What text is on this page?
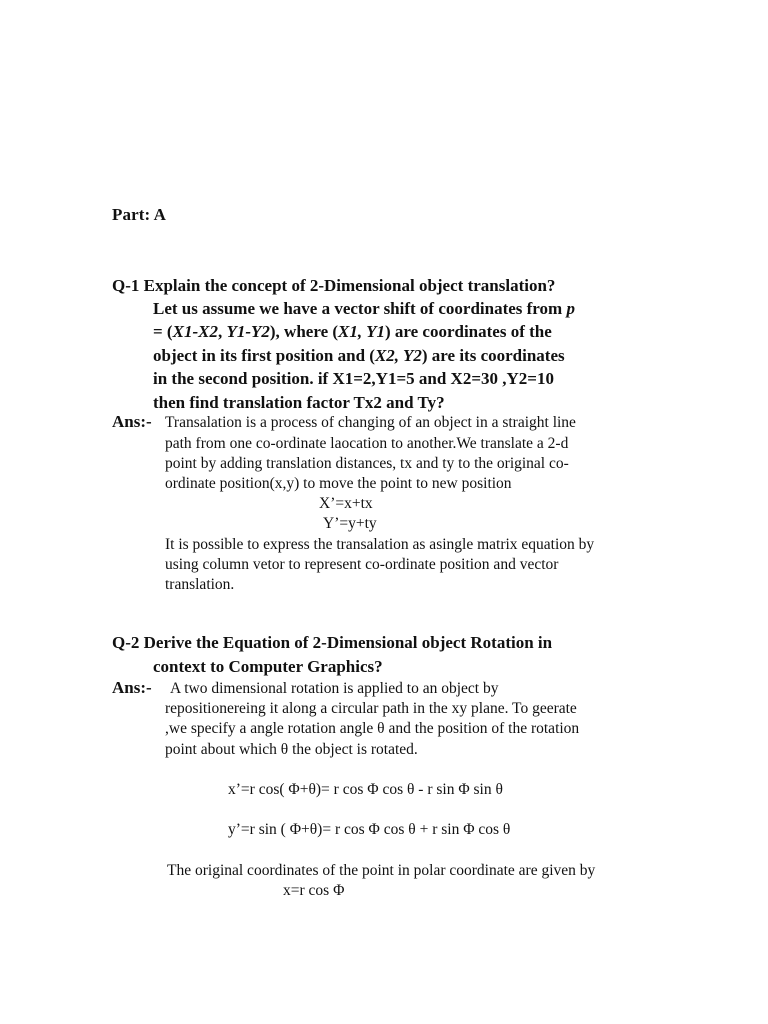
Part: A
Q-1 Explain the concept of 2-Dimensional object translation?
Let us assume we have a vector shift of coordinates from p
= (X1-X2, Y1-Y2), where (X1, Y1) are coordinates of the
object in its first position and (X2, Y2) are its coordinates
in the second position. if X1=2,Y1=5 and X2=30 ,Y2=10
then find translation factor Tx2 and Ty?
Ans:- Transalation is a process of changing of an object in a straight line
path from one co-ordinate laocation to another.We translate a 2-d
point by adding translation distances, tx and ty to the original co-
ordinate position(x,y) to move the point to new position
X’=x+tx
Y’=y+ty
It is possible to express the transalation as asingle matrix equation by
using column vetor to represent co-ordinate position and vector
translation.
Q-2 Derive the Equation of 2-Dimensional object Rotation in
context to Computer Graphics?
Ans:- A two dimensional rotation is applied to an object by
repositionereing it along a circular path in the xy plane. To geerate
,we specify a angle rotation angle θ and the position of the rotation
point about which θ the object is rotated.
x’=r cos( Φ+θ)= r cos Φ cos θ - r sin Φ sin θ
y’=r sin ( Φ+θ)= r cos Φ cos θ + r sin Φ cos θ
The original coordinates of the point in polar coordinate are given by
x=r cos Φ
